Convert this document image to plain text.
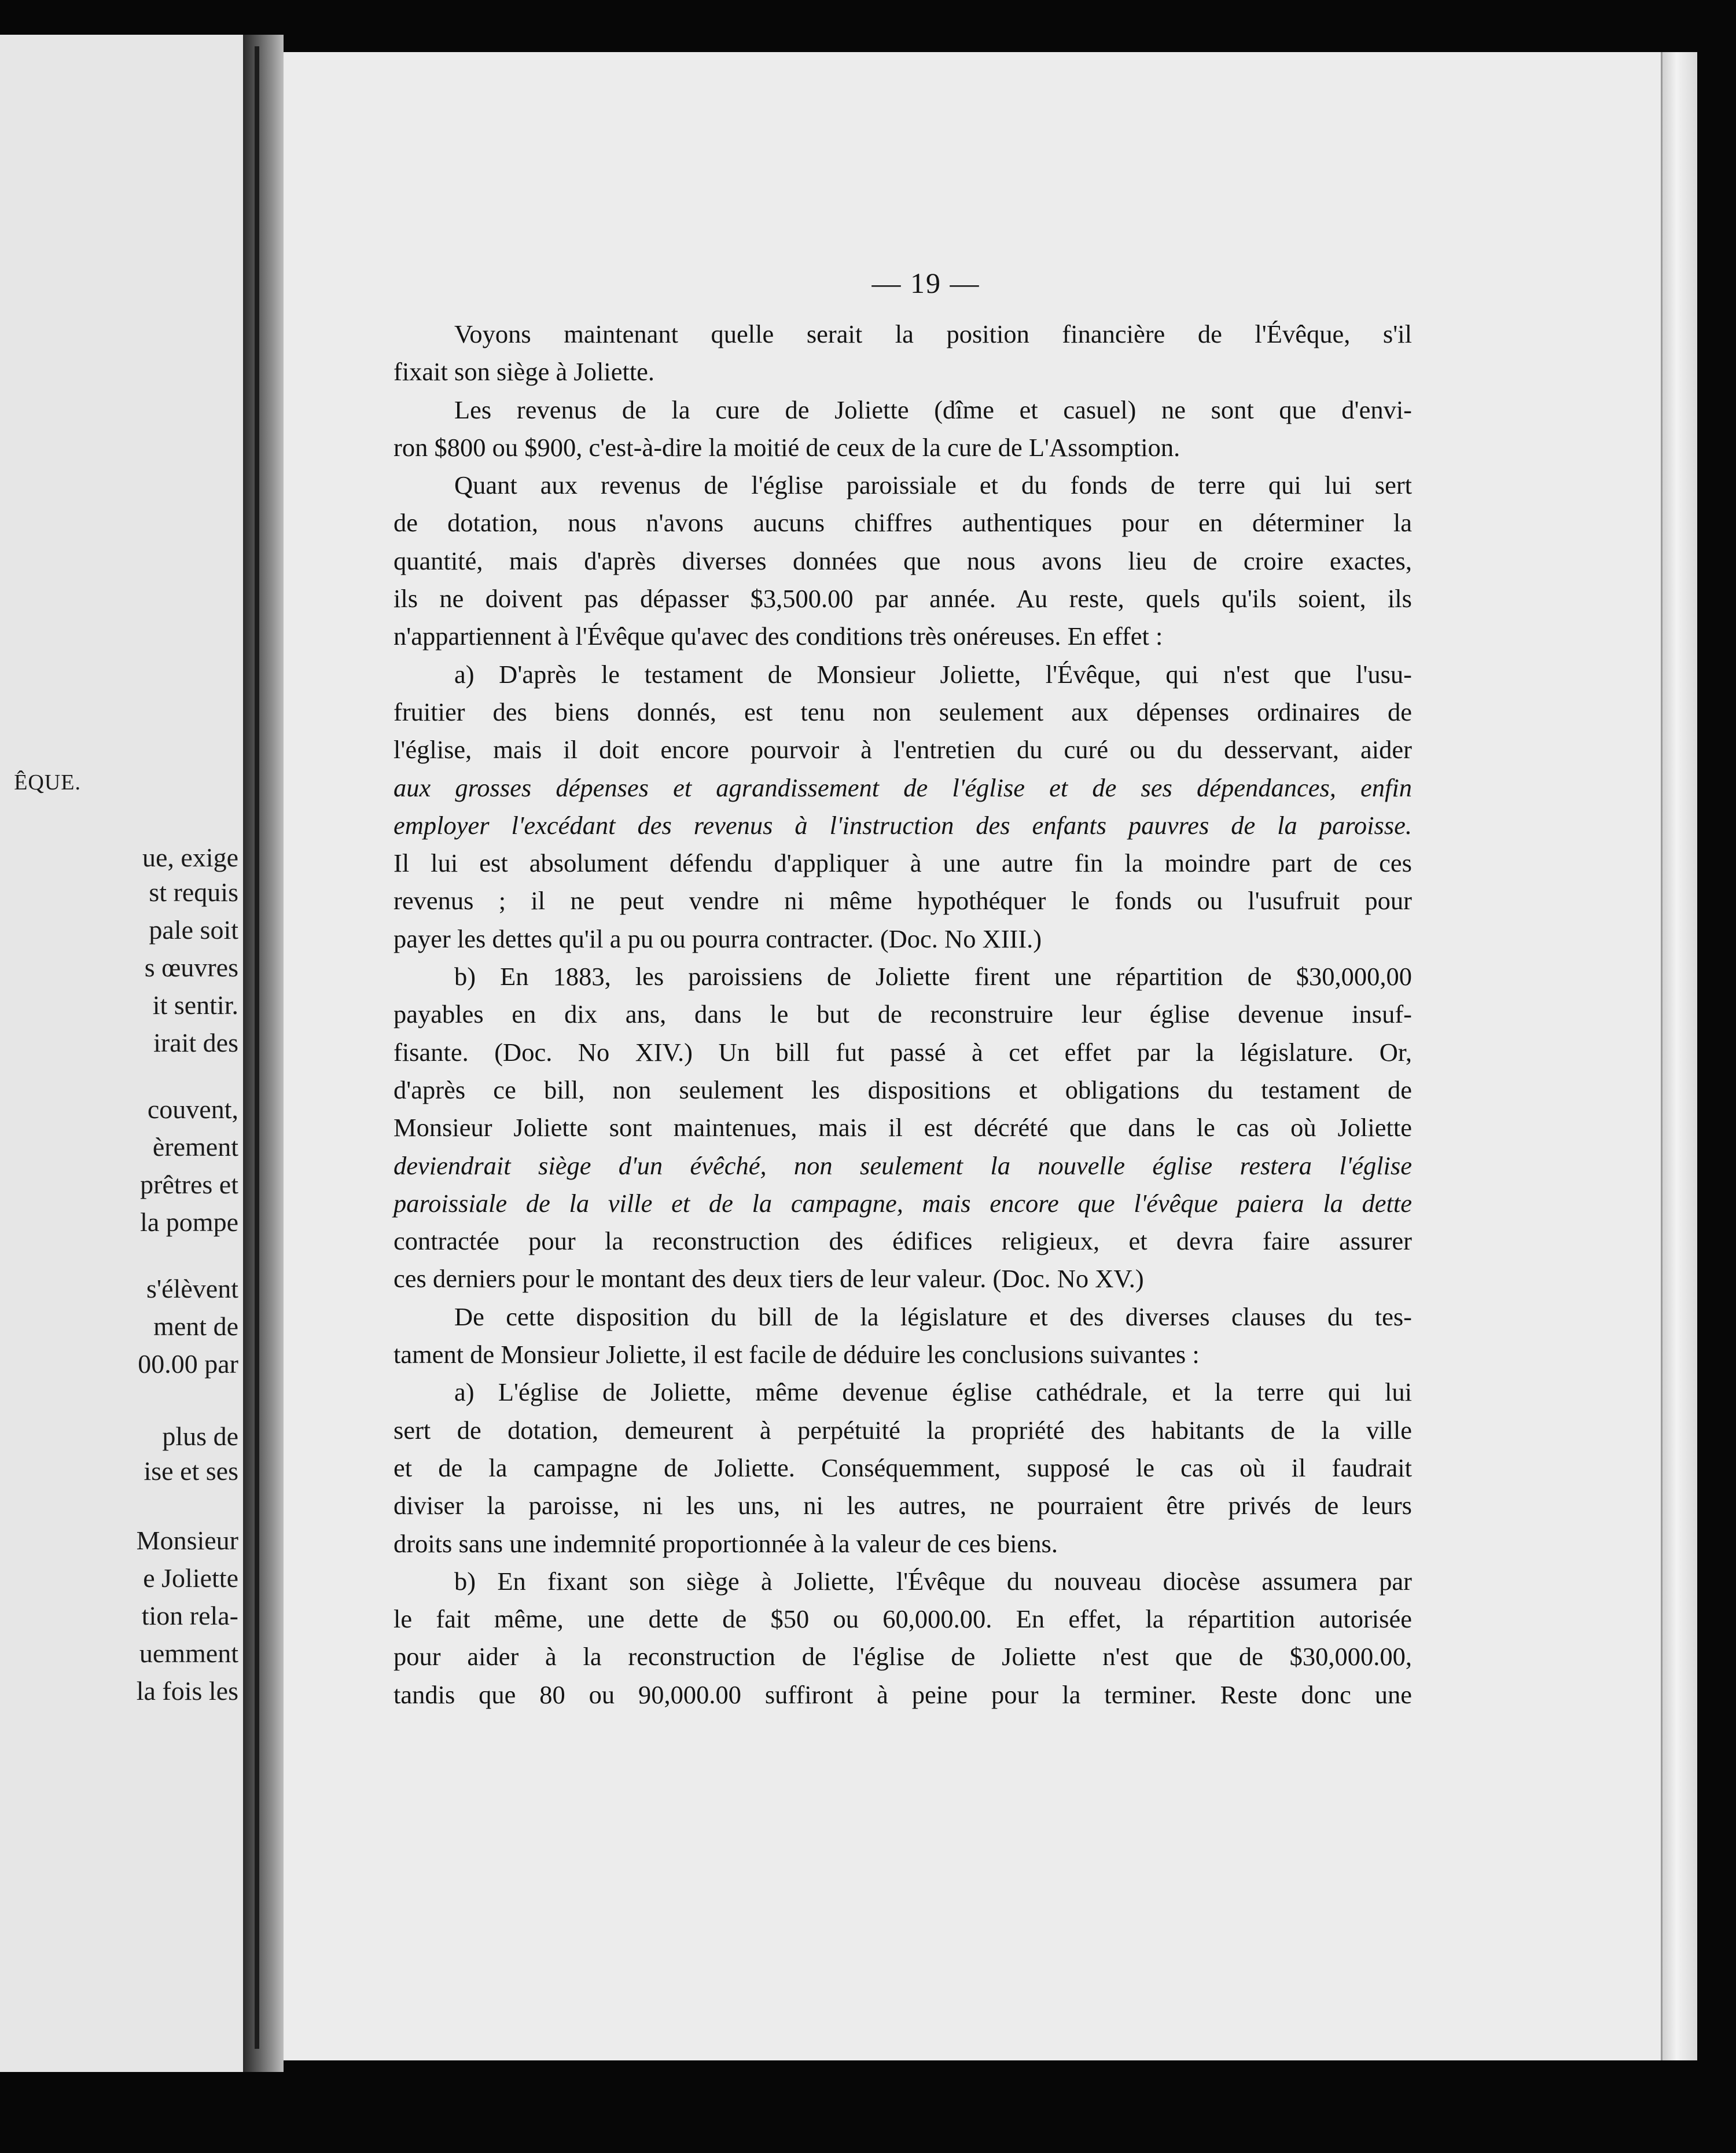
ÊQUE.
ue, exige
st requis
pale soit
s œuvres
it sentir.
irait des
couvent,
èrement
prêtres et
la pompe
s'élèvent
ment de
00.00 par
plus de
ise et ses
Monsieur
e Joliette
tion rela-
uemment
la fois les
— 19 —
Voyons maintenant quelle serait la position financière de l'Évêque, s'il
fixait son siège à Joliette.
Les revenus de la cure de Joliette (dîme et casuel) ne sont que d'envi-
ron $800 ou $900, c'est-à-dire la moitié de ceux de la cure de L'Assomption.
Quant aux revenus de l'église paroissiale et du fonds de terre qui lui sert
de dotation, nous n'avons aucuns chiffres authentiques pour en déterminer la
quantité, mais d'après diverses données que nous avons lieu de croire exactes,
ils ne doivent pas dépasser $3,500.00 par année. Au reste, quels qu'ils soient, ils
n'appartiennent à l'Évêque qu'avec des conditions très onéreuses. En effet :
a) D'après le testament de Monsieur Joliette, l'Évêque, qui n'est que l'usu-
fruitier des biens donnés, est tenu non seulement aux dépenses ordinaires de
l'église, mais il doit encore pourvoir à l'entretien du curé ou du desservant, aider
aux grosses dépenses et agrandissement de l'église et de ses dépendances, enfin
employer l'excédant des revenus à l'instruction des enfants pauvres de la paroisse.
Il lui est absolument défendu d'appliquer à une autre fin la moindre part de ces
revenus ; il ne peut vendre ni même hypothéquer le fonds ou l'usufruit pour
payer les dettes qu'il a pu ou pourra contracter. (Doc. No XIII.)
b) En 1883, les paroissiens de Joliette firent une répartition de $30,000,00
payables en dix ans, dans le but de reconstruire leur église devenue insuf-
fisante. (Doc. No XIV.) Un bill fut passé à cet effet par la législature. Or,
d'après ce bill, non seulement les dispositions et obligations du testament de
Monsieur Joliette sont maintenues, mais il est décrété que dans le cas où Joliette
deviendrait siège d'un évêché, non seulement la nouvelle église restera l'église
paroissiale de la ville et de la campagne, mais encore que l'évêque paiera la dette
contractée pour la reconstruction des édifices religieux, et devra faire assurer
ces derniers pour le montant des deux tiers de leur valeur. (Doc. No XV.)
De cette disposition du bill de la législature et des diverses clauses du tes-
tament de Monsieur Joliette, il est facile de déduire les conclusions suivantes :
a) L'église de Joliette, même devenue église cathédrale, et la terre qui lui
sert de dotation, demeurent à perpétuité la propriété des habitants de la ville
et de la campagne de Joliette. Conséquemment, supposé le cas où il faudrait
diviser la paroisse, ni les uns, ni les autres, ne pourraient être privés de leurs
droits sans une indemnité proportionnée à la valeur de ces biens.
b) En fixant son siège à Joliette, l'Évêque du nouveau diocèse assumera par
le fait même, une dette de $50 ou 60,000.00. En effet, la répartition autorisée
pour aider à la reconstruction de l'église de Joliette n'est que de $30,000.00,
tandis que 80 ou 90,000.00 suffiront à peine pour la terminer. Reste donc une
